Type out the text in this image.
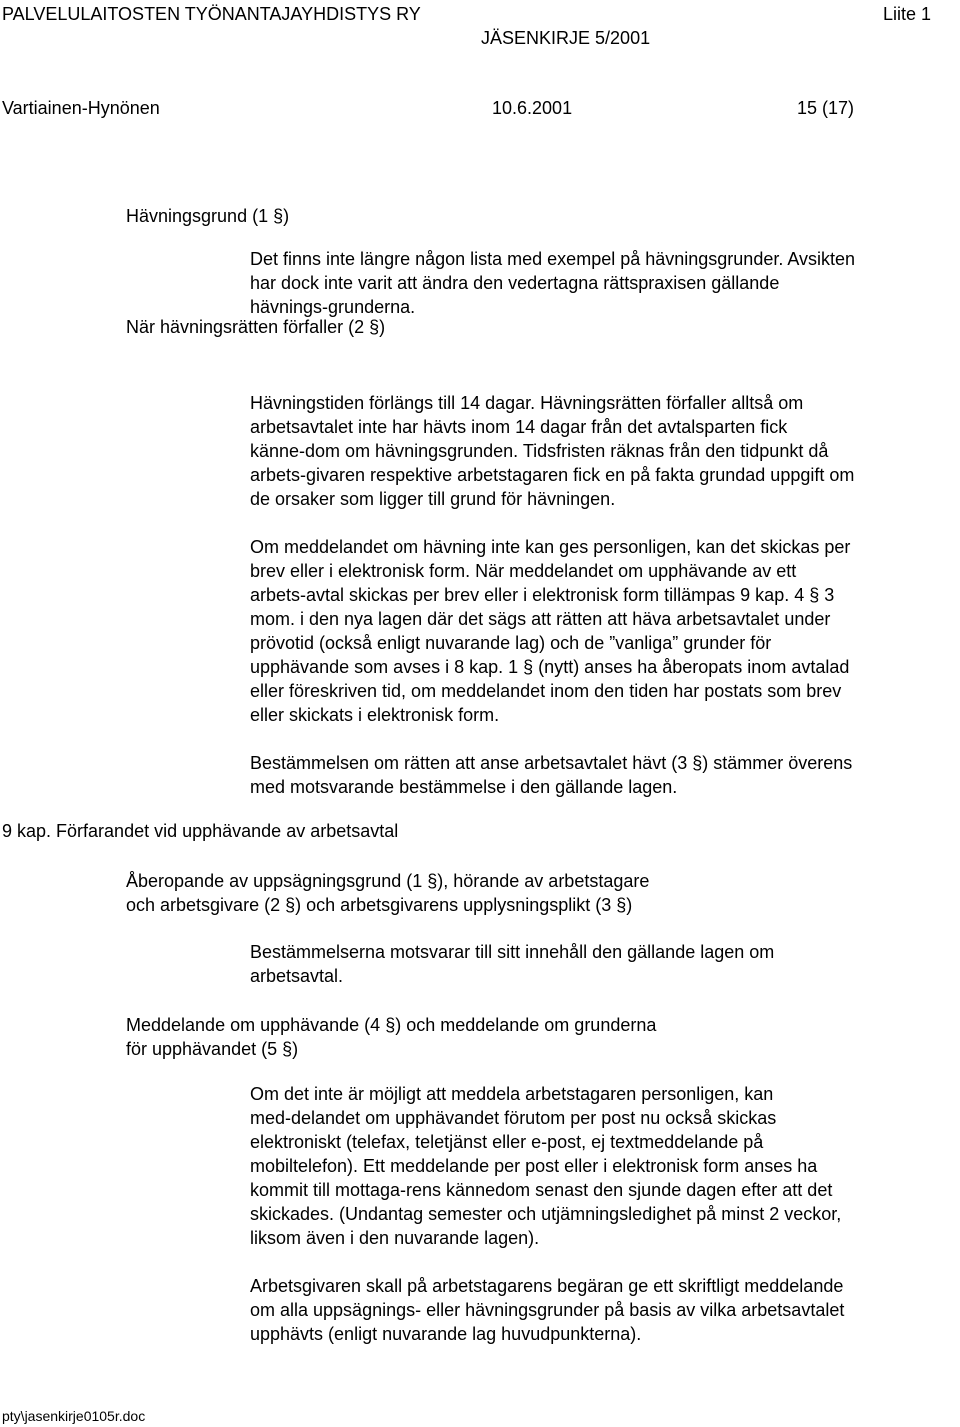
PALVELULAITOSTEN TYÖNANTAJAYHDISTYS RY	Liite 1
JÄSENKIRJE 5/2001
Vartiainen-Hynönen	10.6.2001	15 (17)

Hävningsgrund (1 §)

Det finns inte längre någon lista med exempel på hävningsgrunder. Avsikten
har dock inte varit att ändra den vedertagna rättspraxisen gällande
hävnings-grunderna.

När hävningsrätten förfaller (2 §)

Hävningstiden förlängs till 14 dagar. Hävningsrätten förfaller alltså om
arbetsavtalet inte har hävts inom 14 dagar från det avtalsparten fick
känne-dom om hävningsgrunden. Tidsfristen räknas från den tidpunkt då
arbets-givaren respektive arbetstagaren fick en på fakta grundad uppgift om
de orsaker som ligger till grund för hävningen.

Om meddelandet om hävning inte kan ges personligen, kan det skickas per
brev eller i elektronisk form. När meddelandet om upphävande av ett
arbets-avtal skickas per brev eller i elektronisk form tillämpas 9 kap. 4 § 3
mom. i den nya lagen där det sägs att rätten att häva arbetsavtalet under
prövotid (också enligt nuvarande lag) och de ”vanliga” grunder för
upphävande som avses i 8 kap. 1 § (nytt) anses ha åberopats inom avtalad
eller föreskriven tid, om meddelandet inom den tiden har postats som brev
eller skickats i elektronisk form.

Bestämmelsen om rätten att anse arbetsavtalet hävt (3 §) stämmer överens
med motsvarande bestämmelse i den gällande lagen.

9 kap. Förfarandet vid upphävande av arbetsavtal

Åberopande av uppsägningsgrund (1 §), hörande av arbetstagare
och arbetsgivare (2 §) och arbetsgivarens upplysningsplikt (3 §)

Bestämmelserna motsvarar till sitt innehåll den gällande lagen om
arbetsavtal.

Meddelande om upphävande (4 §) och meddelande om grunderna
för upphävandet (5 §)

Om det inte är möjligt att meddela arbetstagaren personligen, kan
med-delandet om upphävandet förutom per post nu också skickas
elektroniskt (telefax, teletjänst eller e-post, ej textmeddelande på
mobiltelefon). Ett meddelande per post eller i elektronisk form anses ha
kommit till mottaga-rens kännedom senast den sjunde dagen efter att det
skickades. (Undantag semester och utjämningsledighet på minst 2 veckor,
liksom även i den nuvarande lagen).

Arbetsgivaren skall på arbetstagarens begäran ge ett skriftligt meddelande
om alla uppsägnings- eller hävningsgrunder på basis av vilka arbetsavtalet
upphävts (enligt nuvarande lag huvudpunkterna).

pty\jasenkirje0105r.doc
